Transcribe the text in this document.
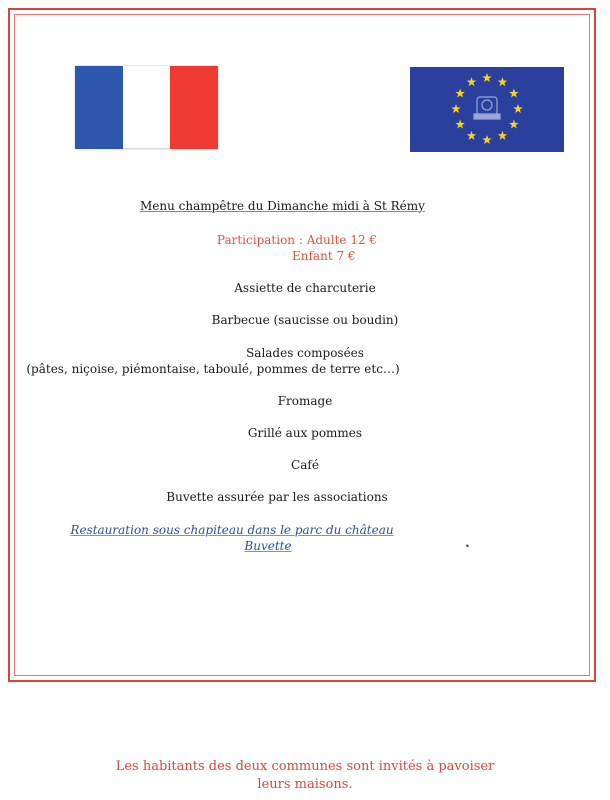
Menu champêtre du Dimanche midi à St Rémy
Participation : Adulte 12 €
Enfant 7 €
Assiette de charcuterie
Barbecue (saucisse ou boudin)
Salades composées
(pâtes, niçoise, piémontaise, taboulé, pommes de terre etc…)
Fromage
Grillé aux pommes
Café
Buvette assurée par les associations
Restauration sous chapiteau dans le parc du château
Buvette	•
Les habitants des deux communes sont invités à pavoiser
leurs maisons.
